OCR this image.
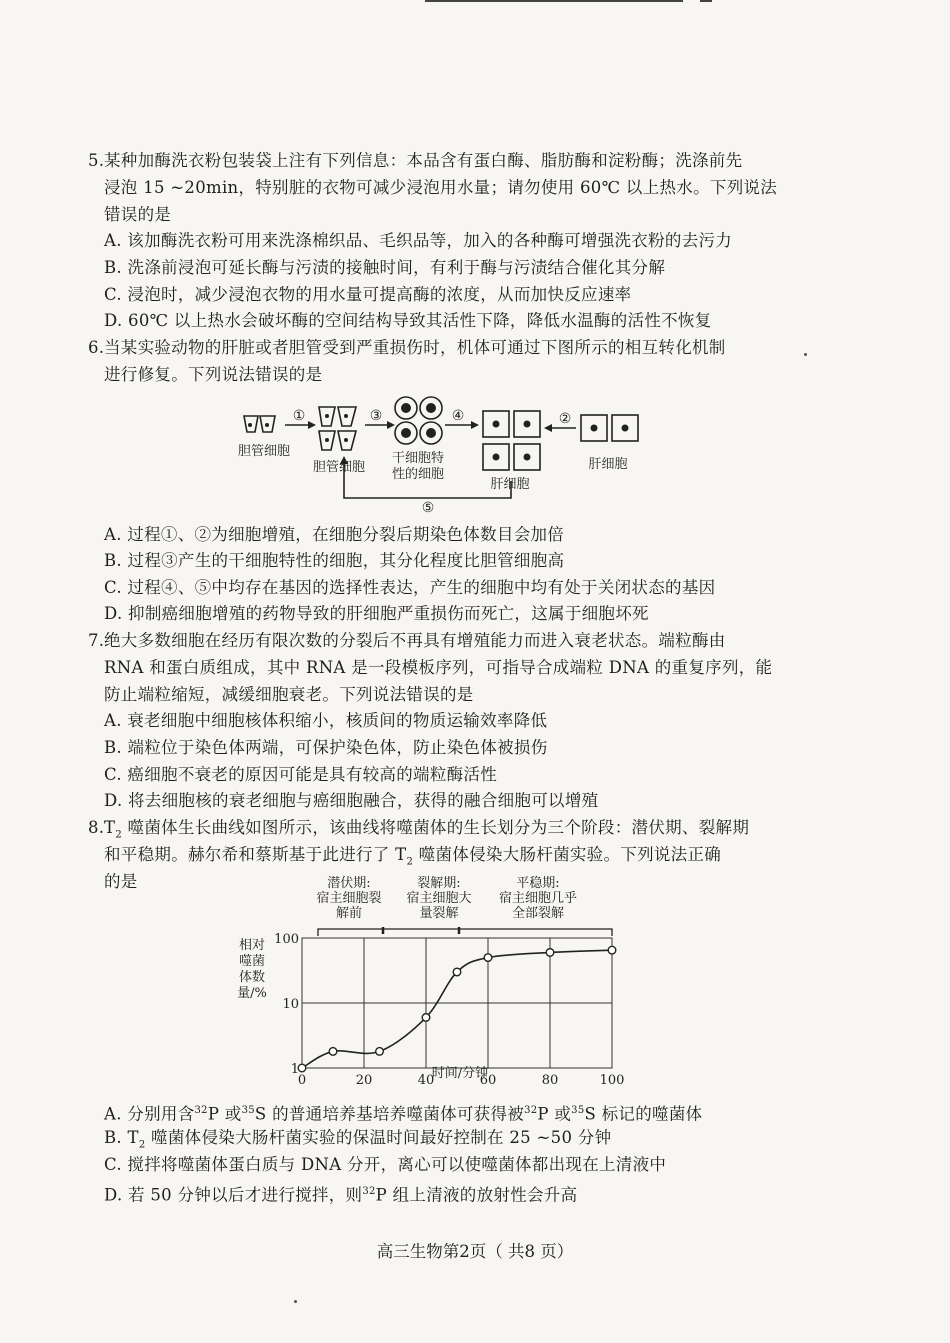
5. 某种加酶洗衣粉包装袋上注有下列信息：本品含有蛋白酶、脂肪酶和淀粉酶；洗涤前先
浸泡 15 ~20min，特别脏的衣物可减少浸泡用水量；请勿使用 60℃ 以上热水。下列说法
错误的是
A. 该加酶洗衣粉可用来洗涤棉织品、毛织品等，加入的各种酶可增强洗衣粉的去污力
B. 洗涤前浸泡可延长酶与污渍的接触时间，有利于酶与污渍结合催化其分解
C. 浸泡时，减少浸泡衣物的用水量可提高酶的浓度，从而加快反应速率
D. 60℃ 以上热水会破坏酶的空间结构导致其活性下降，降低水温酶的活性不恢复
6. 当某实验动物的肝脏或者胆管受到严重损伤时，机体可通过下图所示的相互转化机制
进行修复。下列说法错误的是
①	③	④	②
⑤
胆管细胞
胆管细胞
干细胞特
性的细胞
肝细胞
肝细胞
A. 过程①、②为细胞增殖，在细胞分裂后期染色体数目会加倍
B. 过程③产生的干细胞特性的细胞，其分化程度比胆管细胞高
C. 过程④、⑤中均存在基因的选择性表达，产生的细胞中均有处于关闭状态的基因
D. 抑制癌细胞增殖的药物导致的肝细胞严重损伤而死亡，这属于细胞坏死
7. 绝大多数细胞在经历有限次数的分裂后不再具有增殖能力而进入衰老状态。端粒酶由
RNA 和蛋白质组成，其中 RNA 是一段模板序列，可指导合成端粒 DNA 的重复序列，能
防止端粒缩短，减缓细胞衰老。下列说法错误的是
A. 衰老细胞中细胞核体积缩小，核质间的物质运输效率降低
B. 端粒位于染色体两端，可保护染色体，防止染色体被损伤
C. 癌细胞不衰老的原因可能是具有较高的端粒酶活性
D. 将去细胞核的衰老细胞与癌细胞融合，获得的融合细胞可以增殖
8. $T_2$ 噬菌体生长曲线如图所示，该曲线将噬菌体的生长划分为三个阶段：潜伏期、裂解期
和平稳期。赫尔希和蔡斯基于此进行了 $T_2$ 噬菌体侵染大肠杆菌实验。下列说法正确
的是	潜伏期:
宿主细胞裂
解前
裂解期:
宿主细胞大
量裂解
平稳期:
宿主细胞几乎
全部裂解
相对
噬菌
体数
量/%
0	20	40	60	80	100
1
10
100
时间/分钟
A. 分别用含$^{32}$P 或$^{35}$S 的普通培养基培养噬菌体可获得被$^{32}$P 或$^{35}$S 标记的噬菌体
B. $T_2$ 噬菌体侵染大肠杆菌实验的保温时间最好控制在 25 ~50 分钟
C. 搅拌将噬菌体蛋白质与 DNA 分开，离心可以使噬菌体都出现在上清液中
D. 若 50 分钟以后才进行搅拌，则$^{32}$P 组上清液的放射性会升高
高三生物第2页（ 共8 页）
